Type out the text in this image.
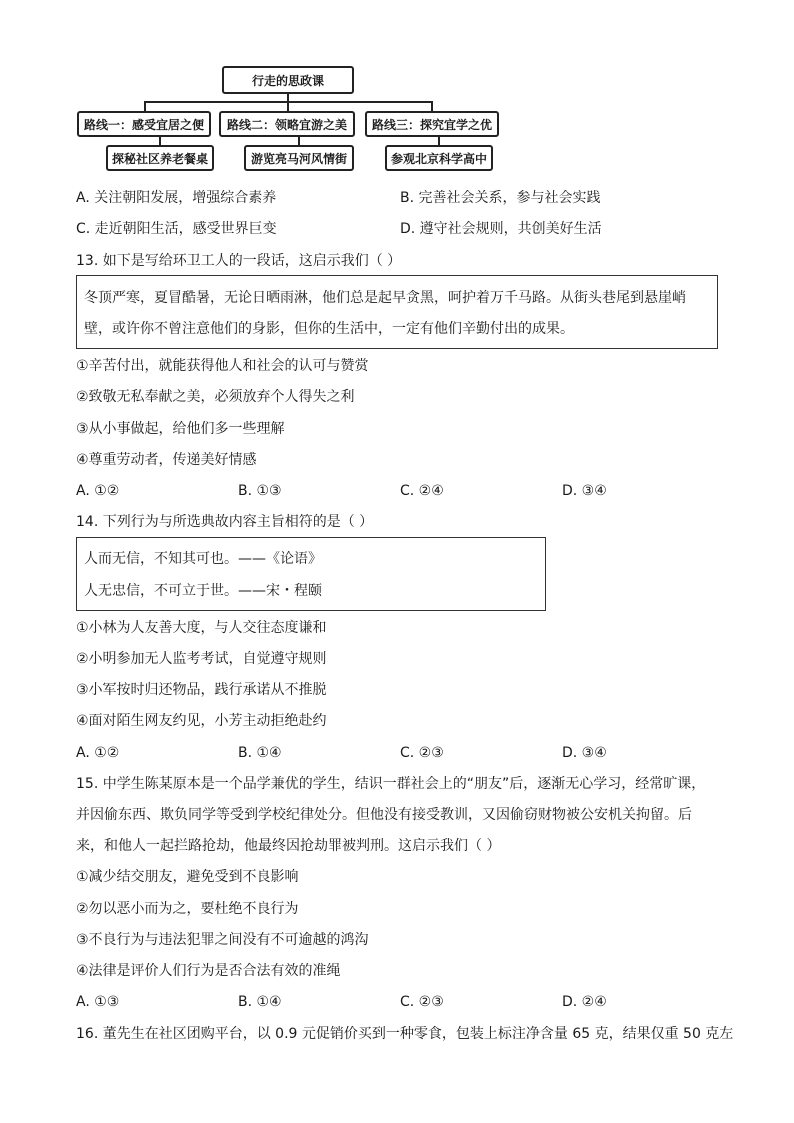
行走的思政课
路线一：感受宜居之便	路线二：领略宜游之美	路线三：探究宜学之优
探秘社区养老餐桌	游览亮马河风情街	参观北京科学高中
A. 关注朝阳发展，增强综合素养	B. 完善社会关系，参与社会实践
C. 走近朝阳生活，感受世界巨变	D. 遵守社会规则，共创美好生活
13. 如下是写给环卫工人的一段话，这启示我们（ ）
冬顶严寒，夏冒酷暑，无论日晒雨淋，他们总是起早贪黑，呵护着万千马路。从街头巷尾到悬崖峭
壁，或许你不曾注意他们的身影，但你的生活中，一定有他们辛勤付出的成果。
①辛苦付出，就能获得他人和社会的认可与赞赏
②致敬无私奉献之美，必须放弃个人得失之利
③从小事做起，给他们多一些理解
④尊重劳动者，传递美好情感
A. ①②	B. ①③	C. ②④	D. ③④
14. 下列行为与所选典故内容主旨相符的是（ ）
人而无信，不知其可也。——《论语》
人无忠信，不可立于世。——宋・程颐
①小林为人友善大度，与人交往态度谦和
②小明参加无人监考考试，自觉遵守规则
③小军按时归还物品，践行承诺从不推脱
④面对陌生网友约见，小芳主动拒绝赴约
A. ①②	B. ①④	C. ②③	D. ③④
15. 中学生陈某原本是一个品学兼优的学生，结识一群社会上的“朋友”后，逐渐无心学习，经常旷课，
并因偷东西、欺负同学等受到学校纪律处分。但他没有接受教训，又因偷窃财物被公安机关拘留。后
来，和他人一起拦路抢劫，他最终因抢劫罪被判刑。这启示我们（ ）
①减少结交朋友，避免受到不良影响
②勿以恶小而为之，要杜绝不良行为
③不良行为与违法犯罪之间没有不可逾越的鸿沟
④法律是评价人们行为是否合法有效的准绳
A. ①③	B. ①④	C. ②③	D. ②④
16. 董先生在社区团购平台，以 0.9 元促销价买到一种零食，包装上标注净含量 65 克，结果仅重 50 克左
